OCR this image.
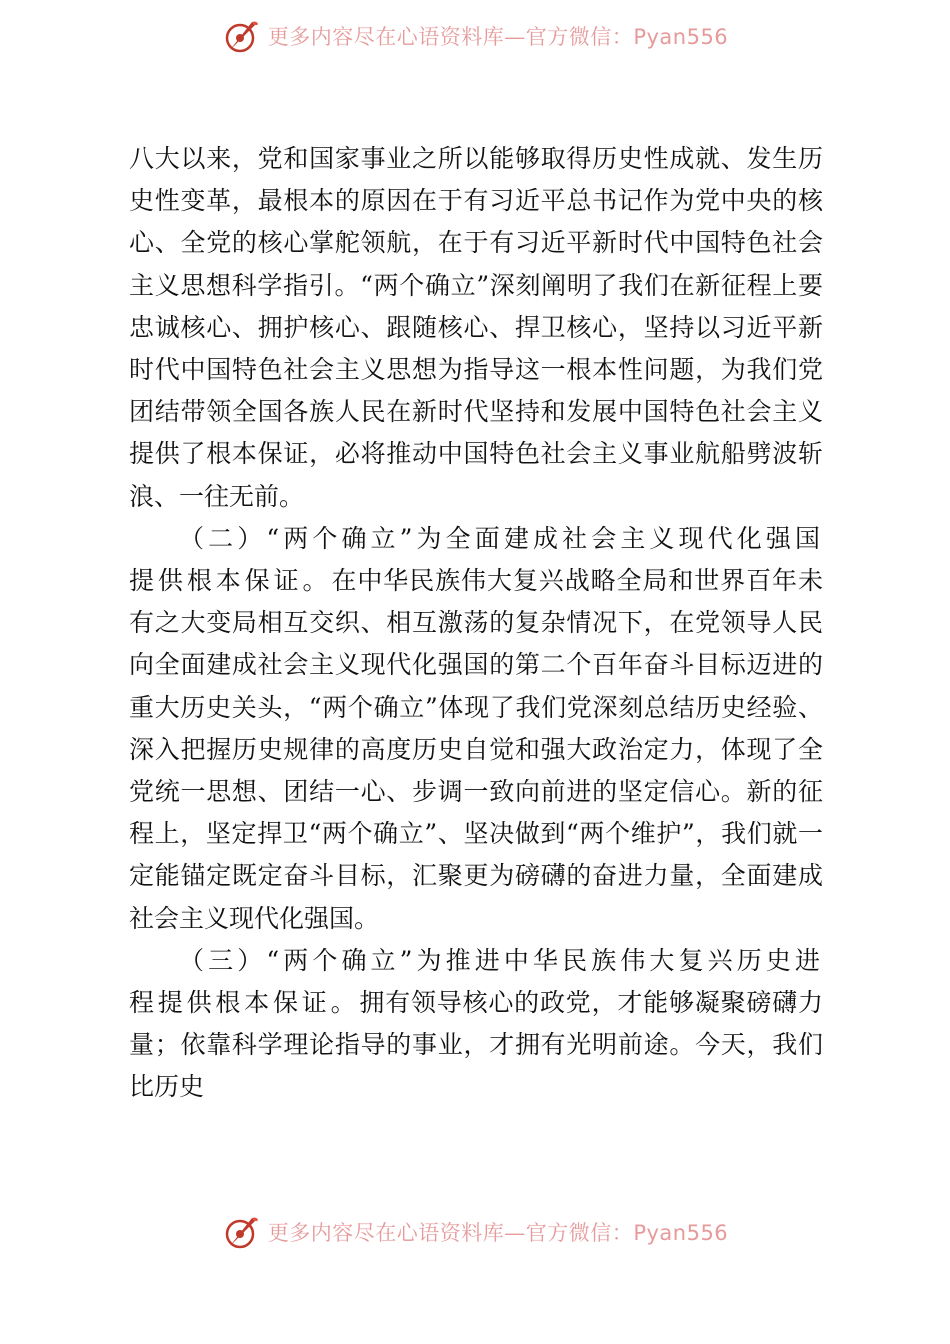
更多内容尽在心语资料库—官方微信：Pyan556

八大以来，党和国家事业之所以能够取得历史性成就、发生历史性变革，最根本的原因在于有习近平总书记作为党中央的核心、全党的核心掌舵领航，在于有习近平新时代中国特色社会主义思想科学指引。“两个确立”深刻阐明了我们在新征程上要忠诚核心、拥护核心、跟随核心、捍卫核心，坚持以习近平新时代中国特色社会主义思想为指导这一根本性问题，为我们党团结带领全国各族人民在新时代坚持和发展中国特色社会主义提供了根本保证，必将推动中国特色社会主义事业航船劈波斩浪、一往无前。

（二）“两个确立”为全面建成社会主义现代化强国提供根本保证。在中华民族伟大复兴战略全局和世界百年未有之大变局相互交织、相互激荡的复杂情况下，在党领导人民向全面建成社会主义现代化强国的第二个百年奋斗目标迈进的重大历史关头，“两个确立”体现了我们党深刻总结历史经验、深入把握历史规律的高度历史自觉和强大政治定力，体现了全党统一思想、团结一心、步调一致向前进的坚定信心。新的征程上，坚定捍卫“两个确立”、坚决做到“两个维护”，我们就一定能锚定既定奋斗目标，汇聚更为磅礴的奋进力量，全面建成社会主义现代化强国。

（三）“两个确立”为推进中华民族伟大复兴历史进程提供根本保证。拥有领导核心的政党，才能够凝聚磅礴力量；依靠科学理论指导的事业，才拥有光明前途。今天，我们比历史

更多内容尽在心语资料库—官方微信：Pyan556
